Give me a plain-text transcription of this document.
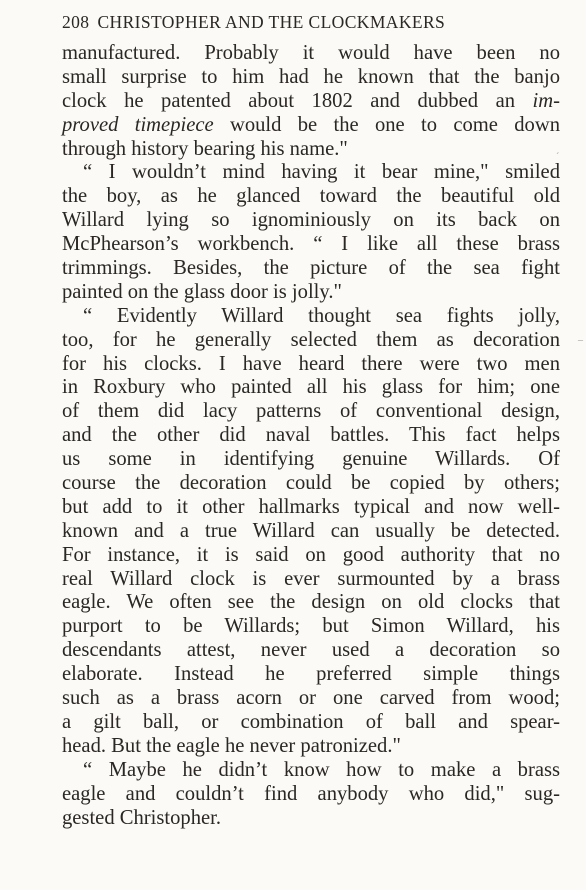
208 CHRISTOPHER AND THE CLOCKMAKERS
manufactured. Probably it would have been no
small surprise to him had he known that the banjo
clock he patented about 1802 and dubbed an im-
proved timepiece would be the one to come down
through history bearing his name."
“ I wouldn’t mind having it bear mine," smiled
the boy, as he glanced toward the beautiful old
Willard lying so ignominiously on its back on
McPhearson’s workbench. “ I like all these brass
trimmings. Besides, the picture of the sea fight
painted on the glass door is jolly."
“ Evidently Willard thought sea fights jolly,
too, for he generally selected them as decoration
for his clocks. I have heard there were two men
in Roxbury who painted all his glass for him; one
of them did lacy patterns of conventional design,
and the other did naval battles. This fact helps
us some in identifying genuine Willards. Of
course the decoration could be copied by others;
but add to it other hallmarks typical and now well-
known and a true Willard can usually be detected.
For instance, it is said on good authority that no
real Willard clock is ever surmounted by a brass
eagle. We often see the design on old clocks that
purport to be Willards; but Simon Willard, his
descendants attest, never used a decoration so
elaborate. Instead he preferred simple things
such as a brass acorn or one carved from wood;
a gilt ball, or combination of ball and spear-
head. But the eagle he never patronized."
“ Maybe he didn’t know how to make a brass
eagle and couldn’t find anybody who did," sug-
gested Christopher.
ˊ
–
